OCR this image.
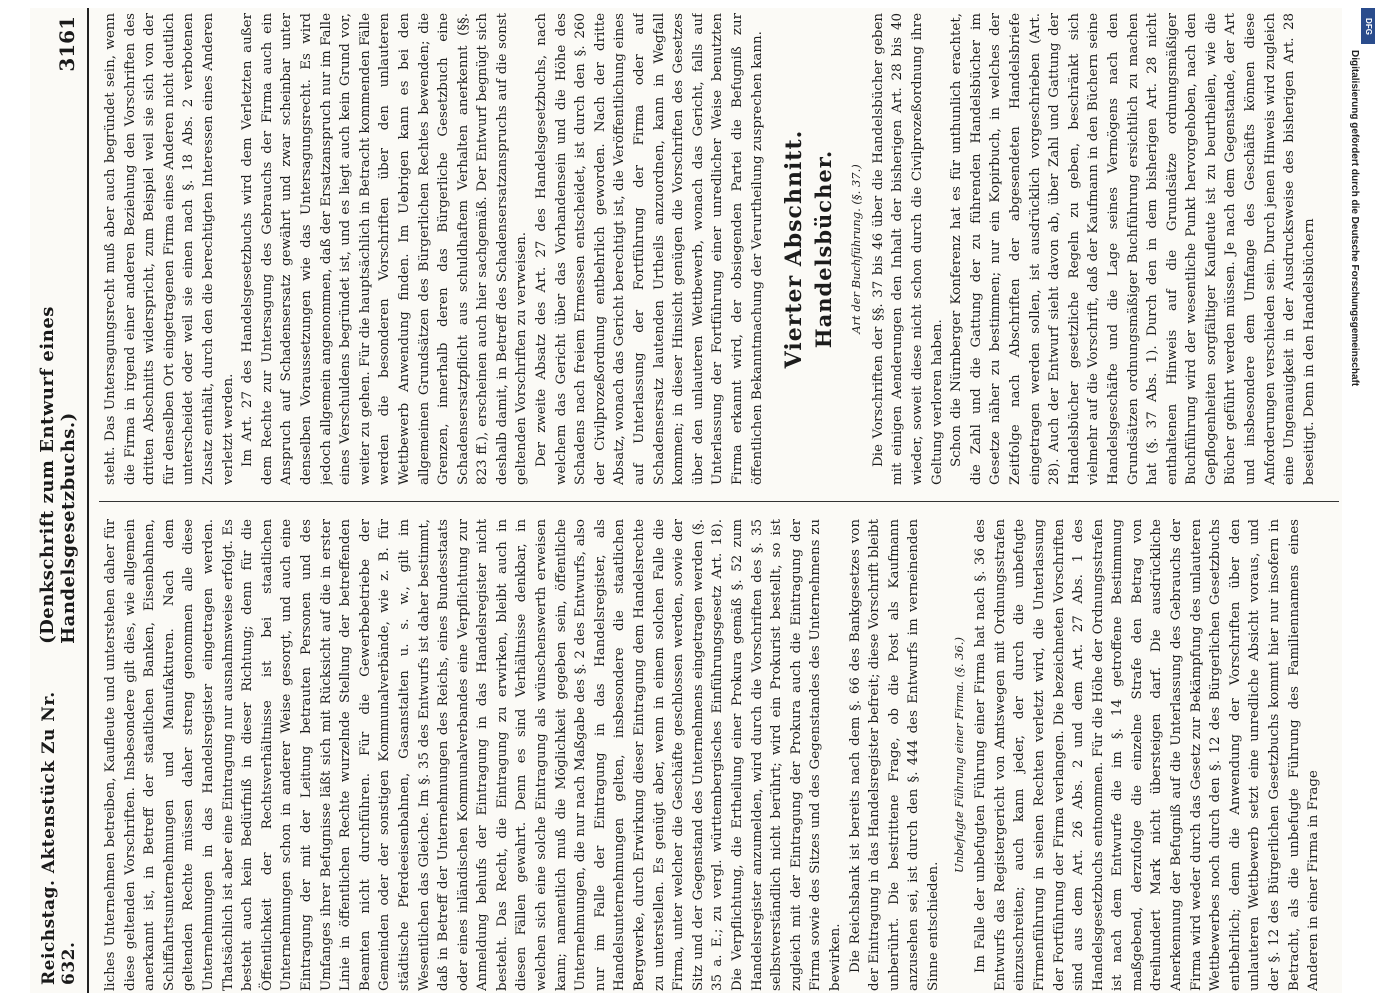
Reichstag. Aktenstück Zu Nr. 632.
(Denkschrift zum Entwurf eines Handelsgesetzbuchs.)
3161

liches Unternehmen betreiben, Kaufleute und unterstehen daher für diese geltenden Vorschriften. Insbesondere gilt dies, wie allgemein anerkannt ist, in Betreff der staatlichen Banken, Eisenbahnen, Schiffahrtsunternehmungen und Manufakturen. Nach dem geltenden Rechte müssen daher streng genommen alle diese Unternehmungen in das Handelsregister eingetragen werden. Thatsächlich ist aber eine Eintragung nur ausnahmsweise erfolgt. Es besteht auch kein Bedürfniß in dieser Richtung; denn für die Öffentlichkeit der Rechtsverhältnisse ist bei staatlichen Unternehmungen schon in anderer Weise gesorgt, und auch eine Eintragung der mit der Leitung betrauten Personen und des Umfanges ihrer Befugnisse läßt sich mit Rücksicht auf die in erster Linie in öffentlichen Rechte wurzelnde Stellung der betreffenden Beamten nicht durchführen. Für die Gewerbebetriebe der Gemeinden oder der sonstigen Kommunalverbände, wie z. B. für städtische Pferdeeisenbahnen, Gasanstalten u. s. w., gilt im Wesentlichen das Gleiche. Im §. 35 des Entwurfs ist daher bestimmt, daß in Betreff der Unternehmungen des Reichs, eines Bundesstaats oder eines inländischen Kommunalverbandes eine Verpflichtung zur Anmeldung behufs der Eintragung in das Handelsregister nicht besteht. Das Recht, die Eintragung zu erwirken, bleibt auch in diesen Fällen gewahrt. Denn es sind Verhältnisse denkbar, in welchen sich eine solche Eintragung als wünschenswerth erweisen kann; namentlich muß die Möglichkeit gegeben sein, öffentliche Unternehmungen, die nur nach Maßgabe des §. 2 des Entwurfs, also nur im Falle der Eintragung in das Handelsregister, als Handelsunternehmungen gelten, insbesondere die staatlichen Bergwerke, durch Erwirkung dieser Eintragung dem Handelsrechte zu unterstellen. Es genügt aber, wenn in einem solchen Falle die Firma, unter welcher die Geschäfte geschlossen werden, sowie der Sitz und der Gegenstand des Unternehmens eingetragen werden (§. 35 a. E.; zu vergl. württembergisches Einführungsgesetz Art. 18). Die Verpflichtung, die Ertheilung einer Prokura gemäß §. 52 zum Handelsregister anzumelden, wird durch die Vorschriften des §. 35 selbstverständlich nicht berührt; wird ein Prokurist bestellt, so ist zugleich mit der Eintragung der Prokura auch die Eintragung der Firma sowie des Sitzes und des Gegenstandes des Unternehmens zu bewirken. Die Reichsbank ist bereits nach dem §. 66 des Bankgesetzes von der Eintragung in das Handelsregister befreit; diese Vorschrift bleibt unberührt. Die bestrittene Frage, ob die Post als Kaufmann anzusehen sei, ist durch den §. 444 des Entwurfs im verneinenden Sinne entschieden.

Unbefugte Führung einer Firma. (§. 36.) Im Falle der unbefugten Führung einer Firma hat nach §. 36 des Entwurfs das Registergericht von Amtswegen mit Ordnungsstrafen einzuschreiten; auch kann jeder, der durch die unbefugte Firmenführung in seinen Rechten verletzt wird, die Unterlassung der Fortführung der Firma verlangen. Die bezeichneten Vorschriften sind aus dem Art. 26 Abs. 2 und dem Art. 27 Abs. 1 des Handelsgesetzbuchs entnommen. Für die Höhe der Ordnungsstrafen ist nach dem Entwurfe die im §. 14 getroffene Bestimmung maßgebend, derzufolge die einzelne Strafe den Betrag von dreihundert Mark nicht übersteigen darf. Die ausdrückliche Anerkennung der Befugniß auf die Unterlassung des Gebrauchs der Firma wird weder durch das Gesetz zur Bekämpfung des unlauteren Wettbewerbes noch durch den §. 12 des Bürgerlichen Gesetzbuchs entbehrlich; denn die Anwendung der Vorschriften über den unlauteren Wettbewerb setzt eine unredliche Absicht voraus, und der §. 12 des Bürgerlichen Gesetzbuchs kommt hier nur insofern in Betracht, als die unbefugte Führung des Familiennamens eines Anderen in einer Firma in Frage

steht. Das Untersagungsrecht muß aber auch begründet sein, wenn die Firma in irgend einer anderen Beziehung den Vorschriften des dritten Abschnitts widerspricht, zum Beispiel weil sie sich von der für denselben Ort eingetragenen Firma eines Anderen nicht deutlich unterscheidet oder weil sie einen nach §. 18 Abs. 2 verbotenen Zusatz enthält, durch den die berechtigten Interessen eines Anderen verletzt werden. Im Art. 27 des Handelsgesetzbuchs wird dem Verletzten außer dem Rechte zur Untersagung des Gebrauchs der Firma auch ein Anspruch auf Schadensersatz gewährt und zwar scheinbar unter denselben Voraussetzungen wie das Untersagungsrecht. Es wird jedoch allgemein angenommen, daß der Ersatzanspruch nur im Falle eines Verschuldens begründet ist, und es liegt auch kein Grund vor, weiter zu gehen. Für die hauptsächlich in Betracht kommenden Fälle werden die besonderen Vorschriften über den unlauteren Wettbewerb Anwendung finden. Im Uebrigen kann es bei den allgemeinen Grundsätzen des Bürgerlichen Rechtes bewenden; die Grenzen, innerhalb deren das Bürgerliche Gesetzbuch eine Schadensersatzpflicht aus schuldhaftem Verhalten anerkennt (§§. 823 ff.), erscheinen auch hier sachgemäß. Der Entwurf begnügt sich deshalb damit, in Betreff des Schadensersatzanspruchs auf die sonst geltenden Vorschriften zu verweisen. Der zweite Absatz des Art. 27 des Handelsgesetzbuchs, nach welchem das Gericht über das Vorhandensein und die Höhe des Schadens nach freiem Ermessen entscheidet, ist durch den §. 260 der Civilprozeßordnung entbehrlich geworden. Nach der dritte Absatz, wonach das Gericht berechtigt ist, die Veröffentlichung eines auf Unterlassung der Fortführung der Firma oder auf Schadensersatz lautenden Urtheils anzuordnen, kann in Wegfall kommen; in dieser Hinsicht genügen die Vorschriften des Gesetzes über den unlauteren Wettbewerb, wonach das Gericht, falls auf Unterlassung der Fortführung einer unredlicher Weise benutzten Firma erkannt wird, der obsiegenden Partei die Befugniß zur öffentlichen Bekanntmachung der Verurtheilung zusprechen kann. Vierter Abschnitt. Handelsbücher. Art der Buchführung. (§. 37.) Die Vorschriften der §§. 37 bis 46 über die Handelsbücher geben mit einigen Aenderungen den Inhalt der bisherigen Art. 28 bis 40 wieder, soweit diese nicht schon durch die Civilprozeßordnung ihre Geltung verloren haben. Schon die Nürnberger Konferenz hat es für unthunlich erachtet, die Zahl und die Gattung der zu führenden Handelsbücher im Gesetze näher zu bestimmen; nur ein Kopirbuch, in welches der Zeitfolge nach Abschriften der abgesendeten Handelsbriefe eingetragen werden sollen, ist ausdrücklich vorgeschrieben (Art. 28). Auch der Entwurf sieht davon ab, über Zahl und Gattung der Handelsbücher gesetzliche Regeln zu geben, beschränkt sich vielmehr auf die Vorschrift, daß der Kaufmann in den Büchern seine Handelsgeschäfte und die Lage seines Vermögens nach den Grundsätzen ordnungsmäßiger Buchführung ersichtlich zu machen hat (§. 37 Abs. 1). Durch den in dem bisherigen Art. 28 nicht enthaltenen Hinweis auf die Grundsätze ordnungsmäßiger Buchführung wird der wesentliche Punkt hervorgehoben, nach den Gepflogenheiten sorgfältiger Kaufleute ist zu beurtheilen, wie die Bücher geführt werden müssen. Je nach dem Gegenstande, der Art und insbesondere dem Umfange des Geschäfts können diese Anforderungen verschieden sein. Durch jenen Hinweis wird zugleich eine Ungenauigkeit in der Ausdrucksweise des bisherigen Art. 28 beseitigt. Denn in den Handelsbüchern

DFG
Digitalisierung gefördert durch die Deutsche Forschungsgemeinschaft
